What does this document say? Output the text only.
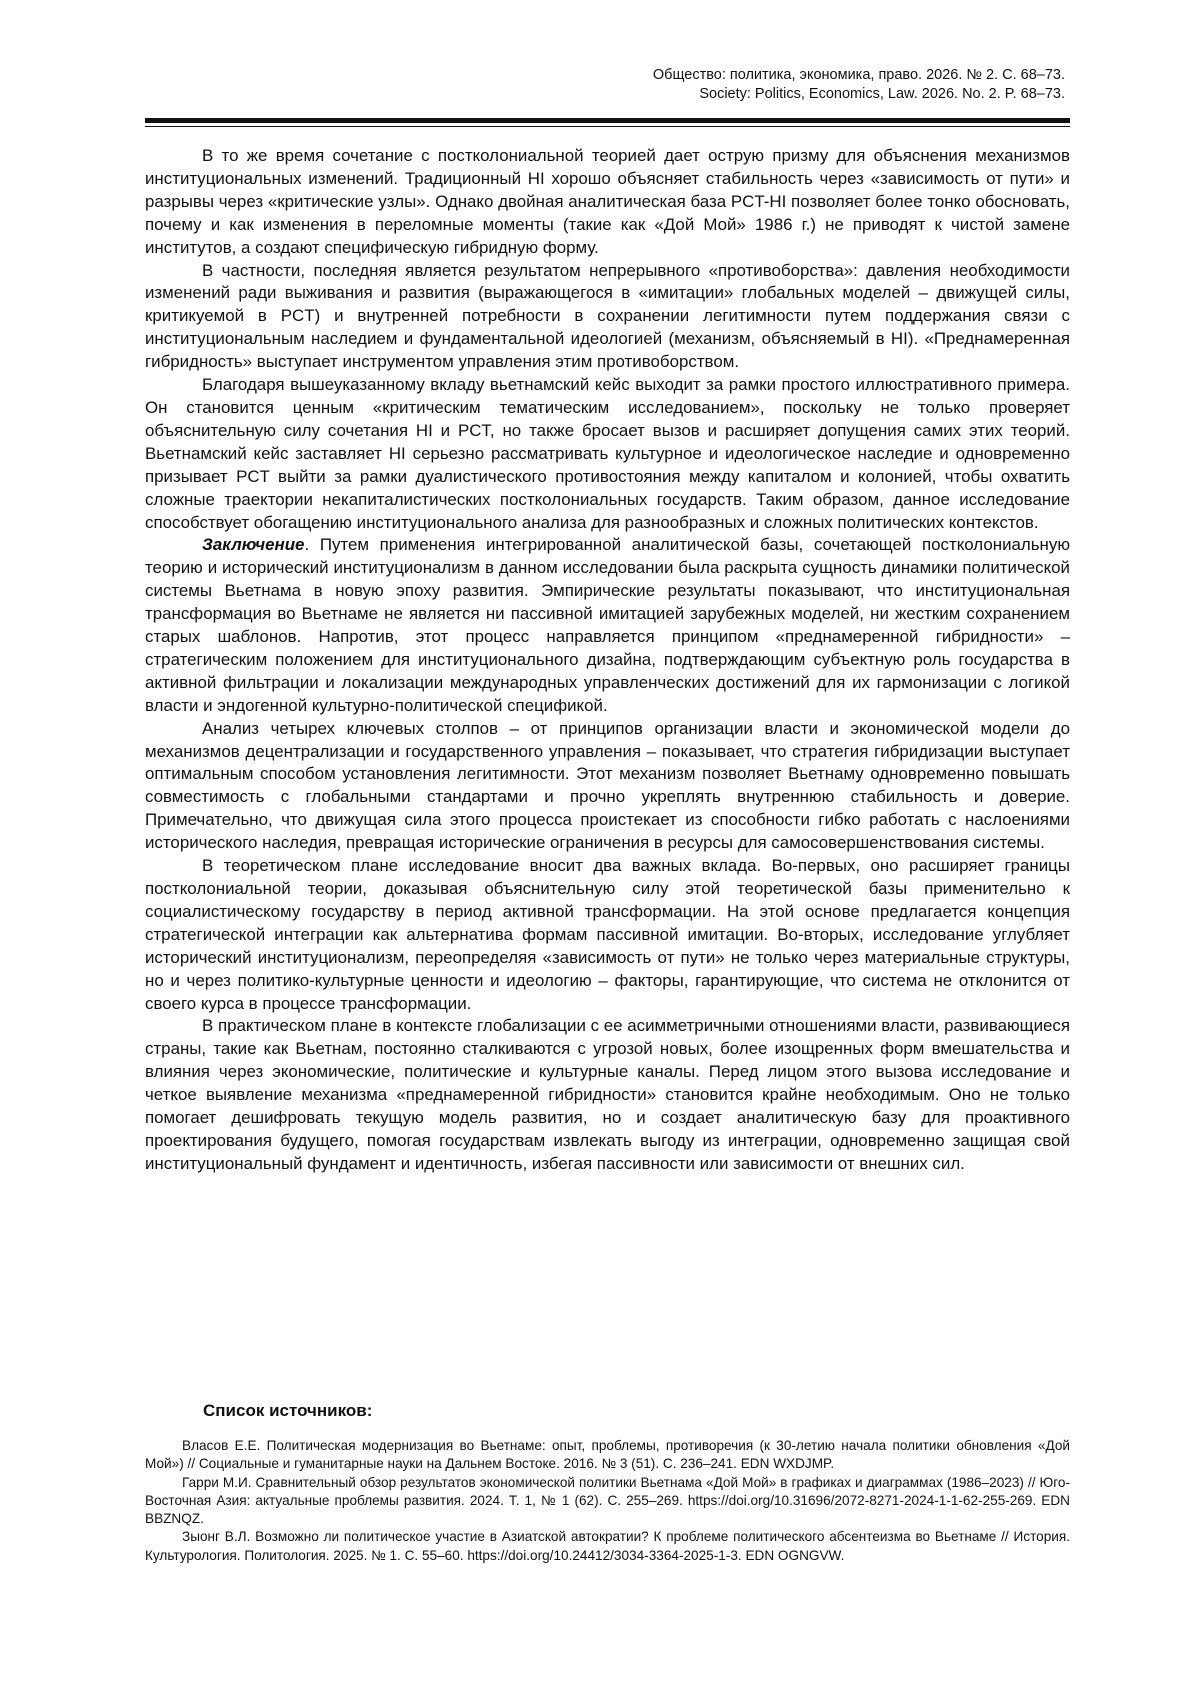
Общество: политика, экономика, право. 2026. № 2. С. 68–73.
Society: Politics, Economics, Law. 2026. No. 2. P. 68–73.

В то же время сочетание с постколониальной теорией дает острую призму для объяснения механизмов институциональных изменений. Традиционный HI хорошо объясняет стабильность через «зависимость от пути» и разрывы через «критические узлы». Однако двойная аналитическая база PCT-HI позволяет более тонко обосновать, почему и как изменения в переломные моменты (такие как «Дой Мой» 1986 г.) не приводят к чистой замене институтов, а создают специфическую гибридную форму.

В частности, последняя является результатом непрерывного «противоборства»: давления необходимости изменений ради выживания и развития (выражающегося в «имитации» глобальных моделей – движущей силы, критикуемой в PCT) и внутренней потребности в сохранении легитимности путем поддержания связи с институциональным наследием и фундаментальной идеологией (механизм, объясняемый в HI). «Преднамеренная гибридность» выступает инструментом управления этим противоборством.

Благодаря вышеуказанному вкладу вьетнамский кейс выходит за рамки простого иллюстративного примера. Он становится ценным «критическим тематическим исследованием», поскольку не только проверяет объяснительную силу сочетания HI и PCT, но также бросает вызов и расширяет допущения самих этих теорий. Вьетнамский кейс заставляет HI серьезно рассматривать культурное и идеологическое наследие и одновременно призывает PCT выйти за рамки дуалистического противостояния между капиталом и колонией, чтобы охватить сложные траектории некапиталистических постколониальных государств. Таким образом, данное исследование способствует обогащению институционального анализа для разнообразных и сложных политических контекстов.

Заключение. Путем применения интегрированной аналитической базы, сочетающей постколониальную теорию и исторический институционализм в данном исследовании была раскрыта сущность динамики политической системы Вьетнама в новую эпоху развития. Эмпирические результаты показывают, что институциональная трансформация во Вьетнаме не является ни пассивной имитацией зарубежных моделей, ни жестким сохранением старых шаблонов. Напротив, этот процесс направляется принципом «преднамеренной гибридности» – стратегическим положением для институционального дизайна, подтверждающим субъектную роль государства в активной фильтрации и локализации международных управленческих достижений для их гармонизации с логикой власти и эндогенной культурно-политической спецификой.

Анализ четырех ключевых столпов – от принципов организации власти и экономической модели до механизмов децентрализации и государственного управления – показывает, что стратегия гибридизации выступает оптимальным способом установления легитимности. Этот механизм позволяет Вьетнаму одновременно повышать совместимость с глобальными стандартами и прочно укреплять внутреннюю стабильность и доверие. Примечательно, что движущая сила этого процесса проистекает из способности гибко работать с наслоениями исторического наследия, превращая исторические ограничения в ресурсы для самосовершенствования системы.

В теоретическом плане исследование вносит два важных вклада. Во-первых, оно расширяет границы постколониальной теории, доказывая объяснительную силу этой теоретической базы применительно к социалистическому государству в период активной трансформации. На этой основе предлагается концепция стратегической интеграции как альтернатива формам пассивной имитации. Во-вторых, исследование углубляет исторический институционализм, переопределяя «зависимость от пути» не только через материальные структуры, но и через политико-культурные ценности и идеологию – факторы, гарантирующие, что система не отклонится от своего курса в процессе трансформации.

В практическом плане в контексте глобализации с ее асимметричными отношениями власти, развивающиеся страны, такие как Вьетнам, постоянно сталкиваются с угрозой новых, более изощренных форм вмешательства и влияния через экономические, политические и культурные каналы. Перед лицом этого вызова исследование и четкое выявление механизма «преднамеренной гибридности» становится крайне необходимым. Оно не только помогает дешифровать текущую модель развития, но и создает аналитическую базу для проактивного проектирования будущего, помогая государствам извлекать выгоду из интеграции, одновременно защищая свой институциональный фундамент и идентичность, избегая пассивности или зависимости от внешних сил.

Список источников:

Власов Е.Е. Политическая модернизация во Вьетнаме: опыт, проблемы, противоречия (к 30-летию начала политики обновления «Дой Мой») // Социальные и гуманитарные науки на Дальнем Востоке. 2016. № 3 (51). С. 236–241. EDN WXDJMP.

Гарри М.И. Сравнительный обзор результатов экономической политики Вьетнама «Дой Мой» в графиках и диаграммах (1986–2023) // Юго-Восточная Азия: актуальные проблемы развития. 2024. Т. 1, № 1 (62). С. 255–269. https://doi.org/10.31696/2072-8271-2024-1-1-62-255-269. EDN BBZNQZ.

Зыонг В.Л. Возможно ли политическое участие в Азиатской автократии? К проблеме политического абсентеизма во Вьетнаме // История. Культурология. Политология. 2025. № 1. С. 55–60. https://doi.org/10.24412/3034-3364-2025-1-3. EDN OGNGVW.
